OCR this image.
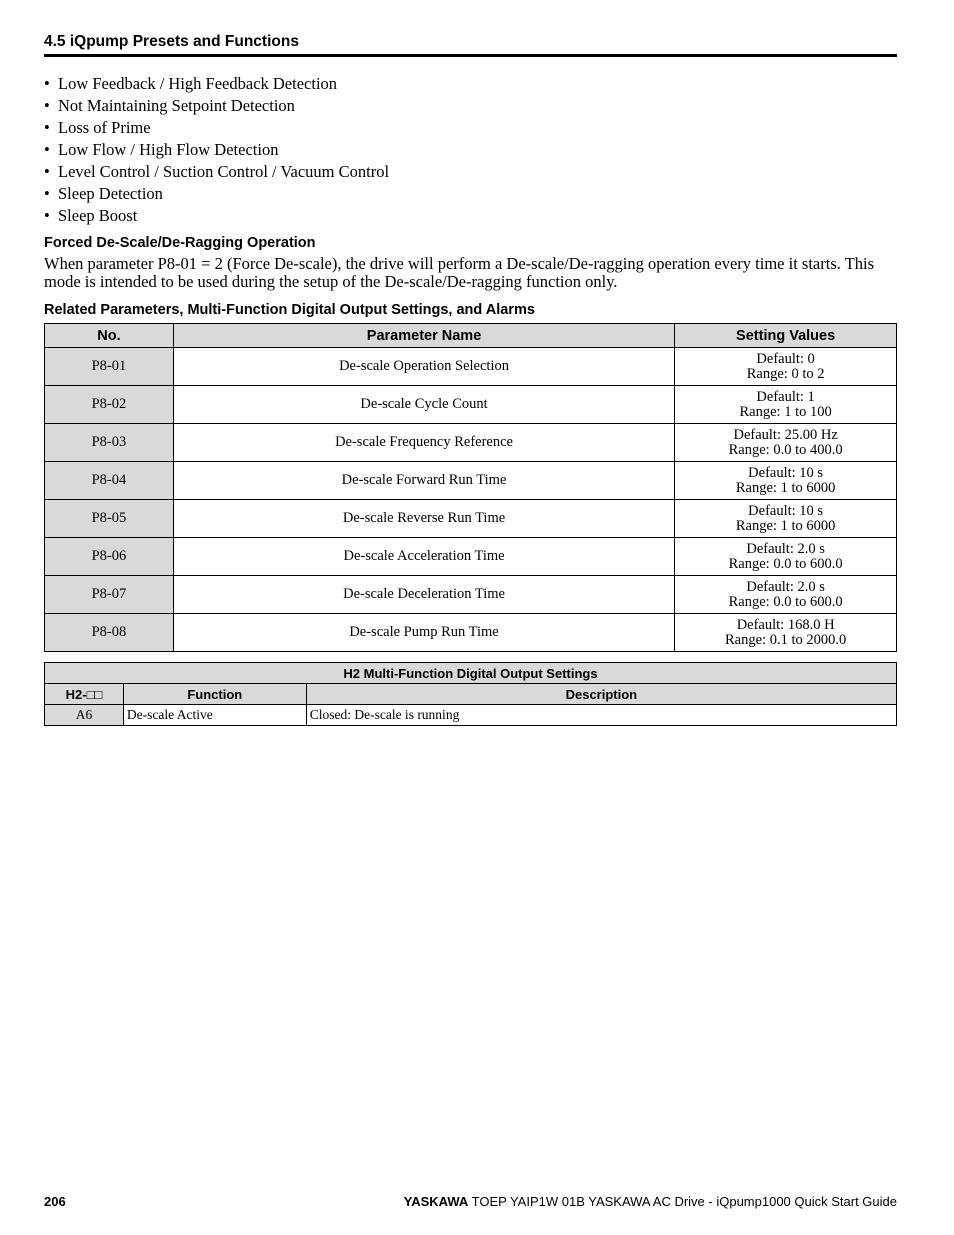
4.5 iQpump Presets and Functions
• Low Feedback / High Feedback Detection
• Not Maintaining Setpoint Detection
• Loss of Prime
• Low Flow / High Flow Detection
• Level Control / Suction Control / Vacuum Control
• Sleep Detection
• Sleep Boost
Forced De-Scale/De-Ragging Operation

When parameter P8-01 = 2 (Force De-scale), the drive will perform a De-scale/De-ragging operation every time it starts. This mode is intended to be used during the setup of the De-scale/De-ragging function only.

Related Parameters, Multi-Function Digital Output Settings, and Alarms
No.	Parameter Name	Setting Values
P8-01	De-scale Operation Selection	Default: 0
Range: 0 to 2

P8-02	De-scale Cycle Count	Default: 1
Range: 1 to 100

P8-03	De-scale Frequency Reference	Default: 25.00 Hz
Range: 0.0 to 400.0

P8-04	De-scale Forward Run Time	Default: 10 s
Range: 1 to 6000

P8-05	De-scale Reverse Run Time	Default: 10 s
Range: 1 to 6000

P8-06	De-scale Acceleration Time	Default: 2.0 s
Range: 0.0 to 600.0

P8-07	De-scale Deceleration Time	Default: 2.0 s
Range: 0.0 to 600.0

P8-08	De-scale Pump Run Time	Default: 168.0 H
Range: 0.1 to 2000.0
H2 Multi-Function Digital Output Settings		
H2-□□	Function	Description
A6	De-scale Active	Closed: De-scale is running
206	YASKAWA TOEP YAIP1W 01B YASKAWA AC Drive - iQpump1000 Quick Start Guide
